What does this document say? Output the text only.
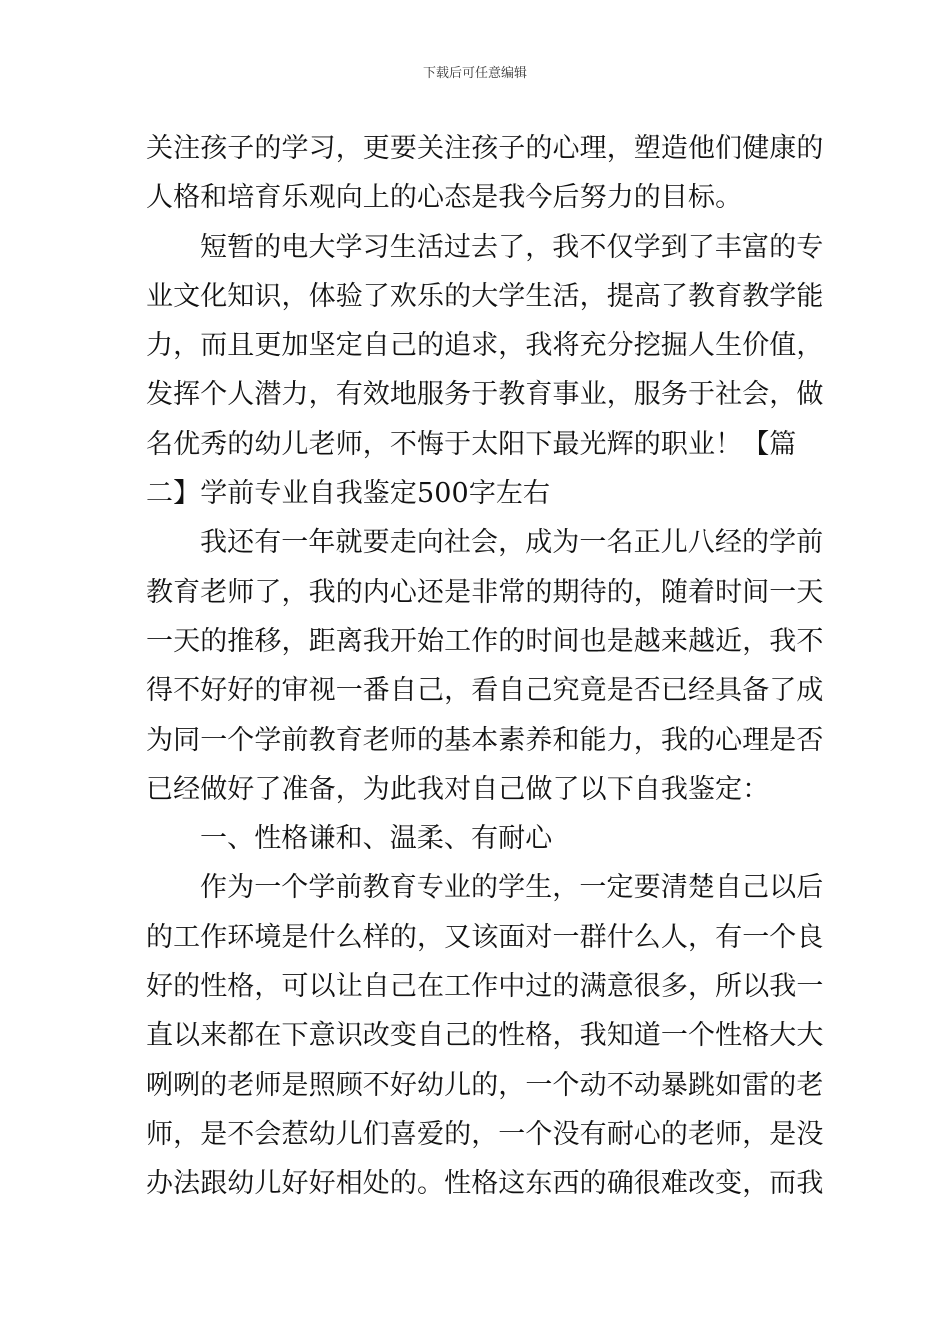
下载后可任意编辑
关注孩子的学习，更要关注孩子的心理，塑造他们健康的
人格和培育乐观向上的心态是我今后努力的目标。
短暂的电大学习生活过去了，我不仅学到了丰富的专
业文化知识，体验了欢乐的大学生活，提高了教育教学能
力，而且更加坚定自己的追求，我将充分挖掘人生价值，
发挥个人潜力，有效地服务于教育事业，服务于社会，做
名优秀的幼儿老师，不悔于太阳下最光辉的职业！【篇
二】学前专业自我鉴定500字左右
我还有一年就要走向社会，成为一名正儿八经的学前
教育老师了，我的内心还是非常的期待的，随着时间一天
一天的推移，距离我开始工作的时间也是越来越近，我不
得不好好的审视一番自己，看自己究竟是否已经具备了成
为同一个学前教育老师的基本素养和能力，我的心理是否
已经做好了准备，为此我对自己做了以下自我鉴定：
一、性格谦和、温柔、有耐心
作为一个学前教育专业的学生，一定要清楚自己以后
的工作环境是什么样的，又该面对一群什么人，有一个良
好的性格，可以让自己在工作中过的满意很多，所以我一
直以来都在下意识改变自己的性格，我知道一个性格大大
咧咧的老师是照顾不好幼儿的，一个动不动暴跳如雷的老
师，是不会惹幼儿们喜爱的，一个没有耐心的老师，是没
办法跟幼儿好好相处的。性格这东西的确很难改变，而我
